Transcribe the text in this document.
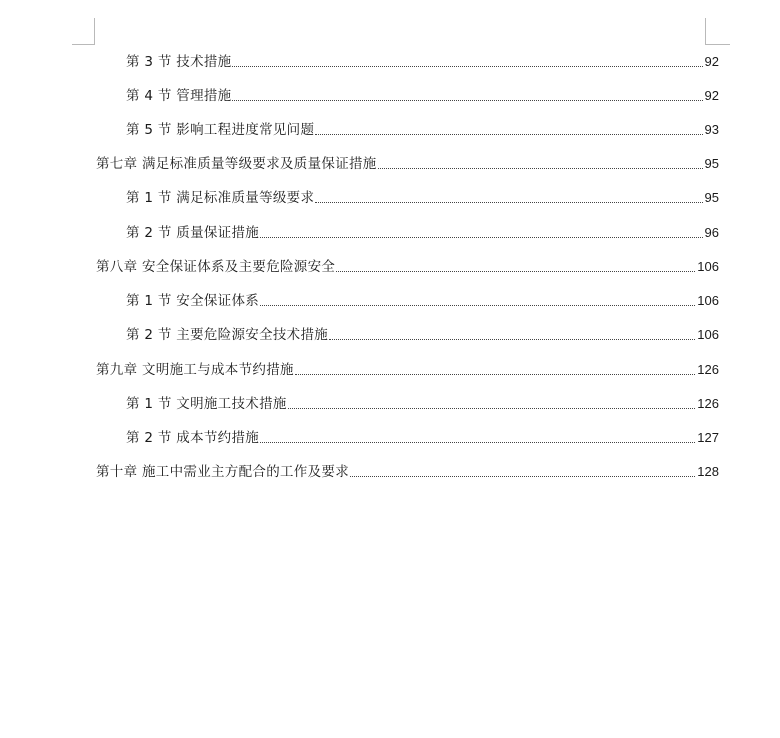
第 3 节 技术措施	92
第 4 节 管理措施	92
第 5 节 影响工程进度常见问题	93
第七章 满足标准质量等级要求及质量保证措施	95
第 1 节 满足标准质量等级要求	95
第 2 节 质量保证措施	96
第八章 安全保证体系及主要危险源安全	106
第 1 节 安全保证体系	106
第 2 节 主要危险源安全技术措施	106
第九章 文明施工与成本节约措施	126
第 1 节 文明施工技术措施	126
第 2 节 成本节约措施	127
第十章 施工中需业主方配合的工作及要求	128
